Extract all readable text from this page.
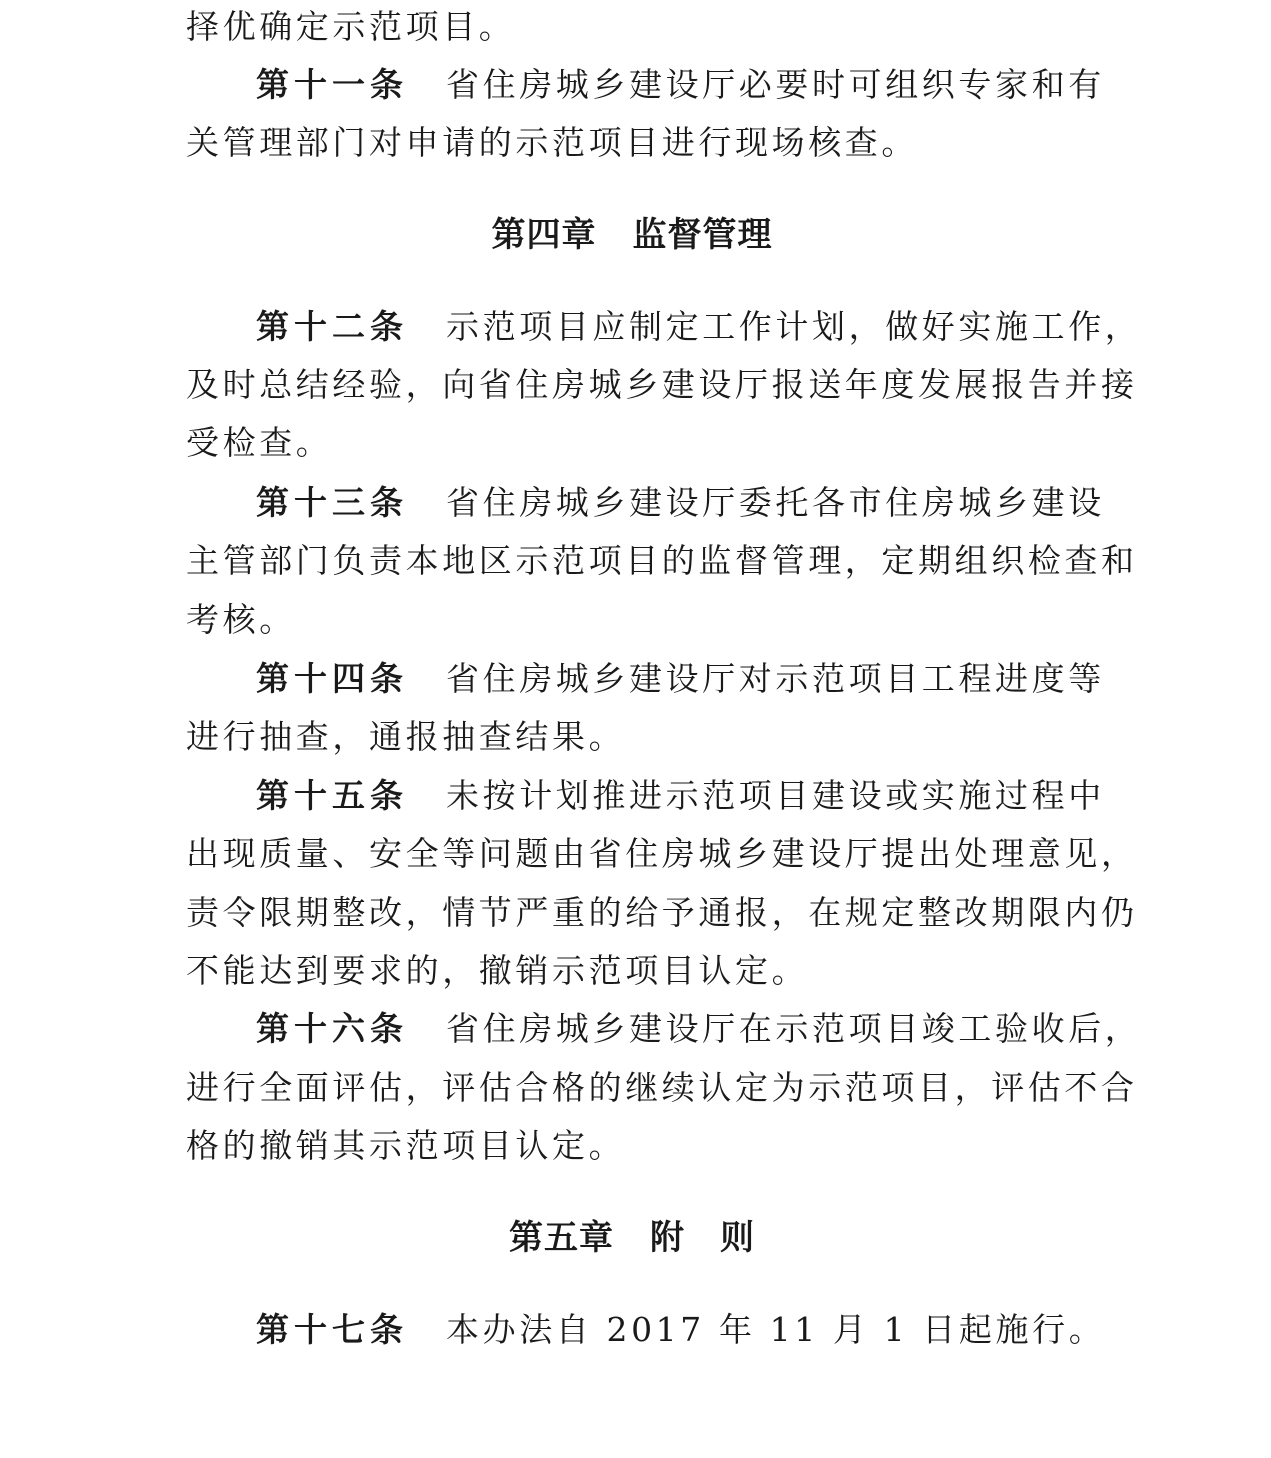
择优确定示范项目。
第十一条 省住房城乡建设厅必要时可组织专家和有
关管理部门对申请的示范项目进行现场核查。
第四章 监督管理
第十二条 示范项目应制定工作计划，做好实施工作，
及时总结经验，向省住房城乡建设厅报送年度发展报告并接
受检查。
第十三条 省住房城乡建设厅委托各市住房城乡建设
主管部门负责本地区示范项目的监督管理，定期组织检查和
考核。
第十四条 省住房城乡建设厅对示范项目工程进度等
进行抽查，通报抽查结果。
第十五条 未按计划推进示范项目建设或实施过程中
出现质量、安全等问题由省住房城乡建设厅提出处理意见，
责令限期整改，情节严重的给予通报，在规定整改期限内仍
不能达到要求的，撤销示范项目认定。
第十六条 省住房城乡建设厅在示范项目竣工验收后，
进行全面评估，评估合格的继续认定为示范项目，评估不合
格的撤销其示范项目认定。
第五章 附　则
第十七条 本办法自 2017 年 11 月 1 日起施行。
